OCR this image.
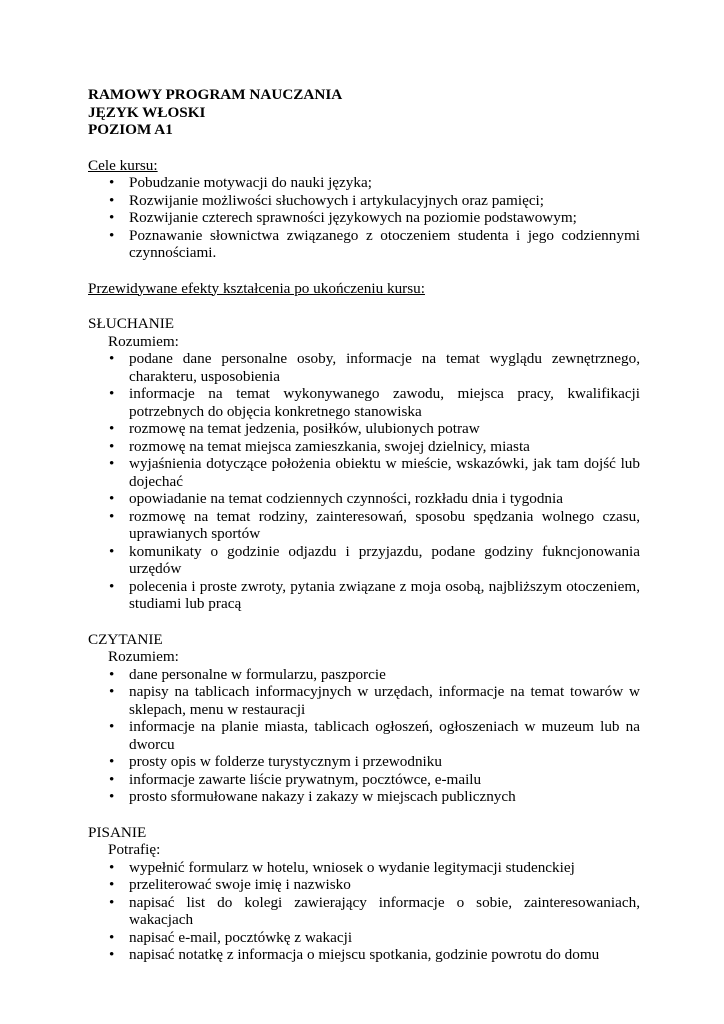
RAMOWY PROGRAM NAUCZANIA
JĘZYK WŁOSKI
POZIOM A1
Cele kursu:
• Pobudzanie motywacji do nauki języka;
• Rozwijanie możliwości słuchowych i artykulacyjnych oraz pamięci;
• Rozwijanie czterech sprawności językowych na poziomie podstawowym;
• Poznawanie słownictwa związanego z otoczeniem studenta i jego codziennymi czynnościami.
Przewidywane efekty kształcenia po ukończeniu kursu:
SŁUCHANIE
Rozumiem:
• podane dane personalne osoby, informacje na temat wyglądu zewnętrznego, charakteru, usposobienia
• informacje na temat wykonywanego zawodu, miejsca pracy, kwalifikacji potrzebnych do objęcia konkretnego stanowiska
• rozmowę na temat jedzenia, posiłków, ulubionych potraw
• rozmowę na temat miejsca zamieszkania, swojej dzielnicy, miasta
• wyjaśnienia dotyczące położenia obiektu w mieście, wskazówki, jak tam dojść lub dojechać
• opowiadanie na temat codziennych czynności, rozkładu dnia i tygodnia
• rozmowę na temat rodziny, zainteresowań, sposobu spędzania wolnego czasu, uprawianych sportów
• komunikaty o godzinie odjazdu i przyjazdu, podane godziny fukncjonowania urzędów
• polecenia i proste zwroty, pytania związane z moja osobą, najbliższym otoczeniem, studiami lub pracą
CZYTANIE
Rozumiem:
• dane personalne w formularzu, paszporcie
• napisy na tablicach informacyjnych w urzędach, informacje na temat towarów w sklepach, menu w restauracji
• informacje na planie miasta, tablicach ogłoszeń, ogłoszeniach w muzeum lub na dworcu
• prosty opis w folderze turystycznym i przewodniku
• informacje zawarte liście prywatnym, pocztówce, e-mailu
• prosto sformułowane nakazy i zakazy w miejscach publicznych
PISANIE
Potrafię:
• wypełnić formularz w hotelu, wniosek o wydanie legitymacji studenckiej
• przeliterować swoje imię i nazwisko
• napisać list do kolegi zawierający informacje o sobie, zainteresowaniach, wakacjach
• napisać e-mail, pocztówkę z wakacji
• napisać notatkę z informacja o miejscu spotkania, godzinie powrotu do domu
